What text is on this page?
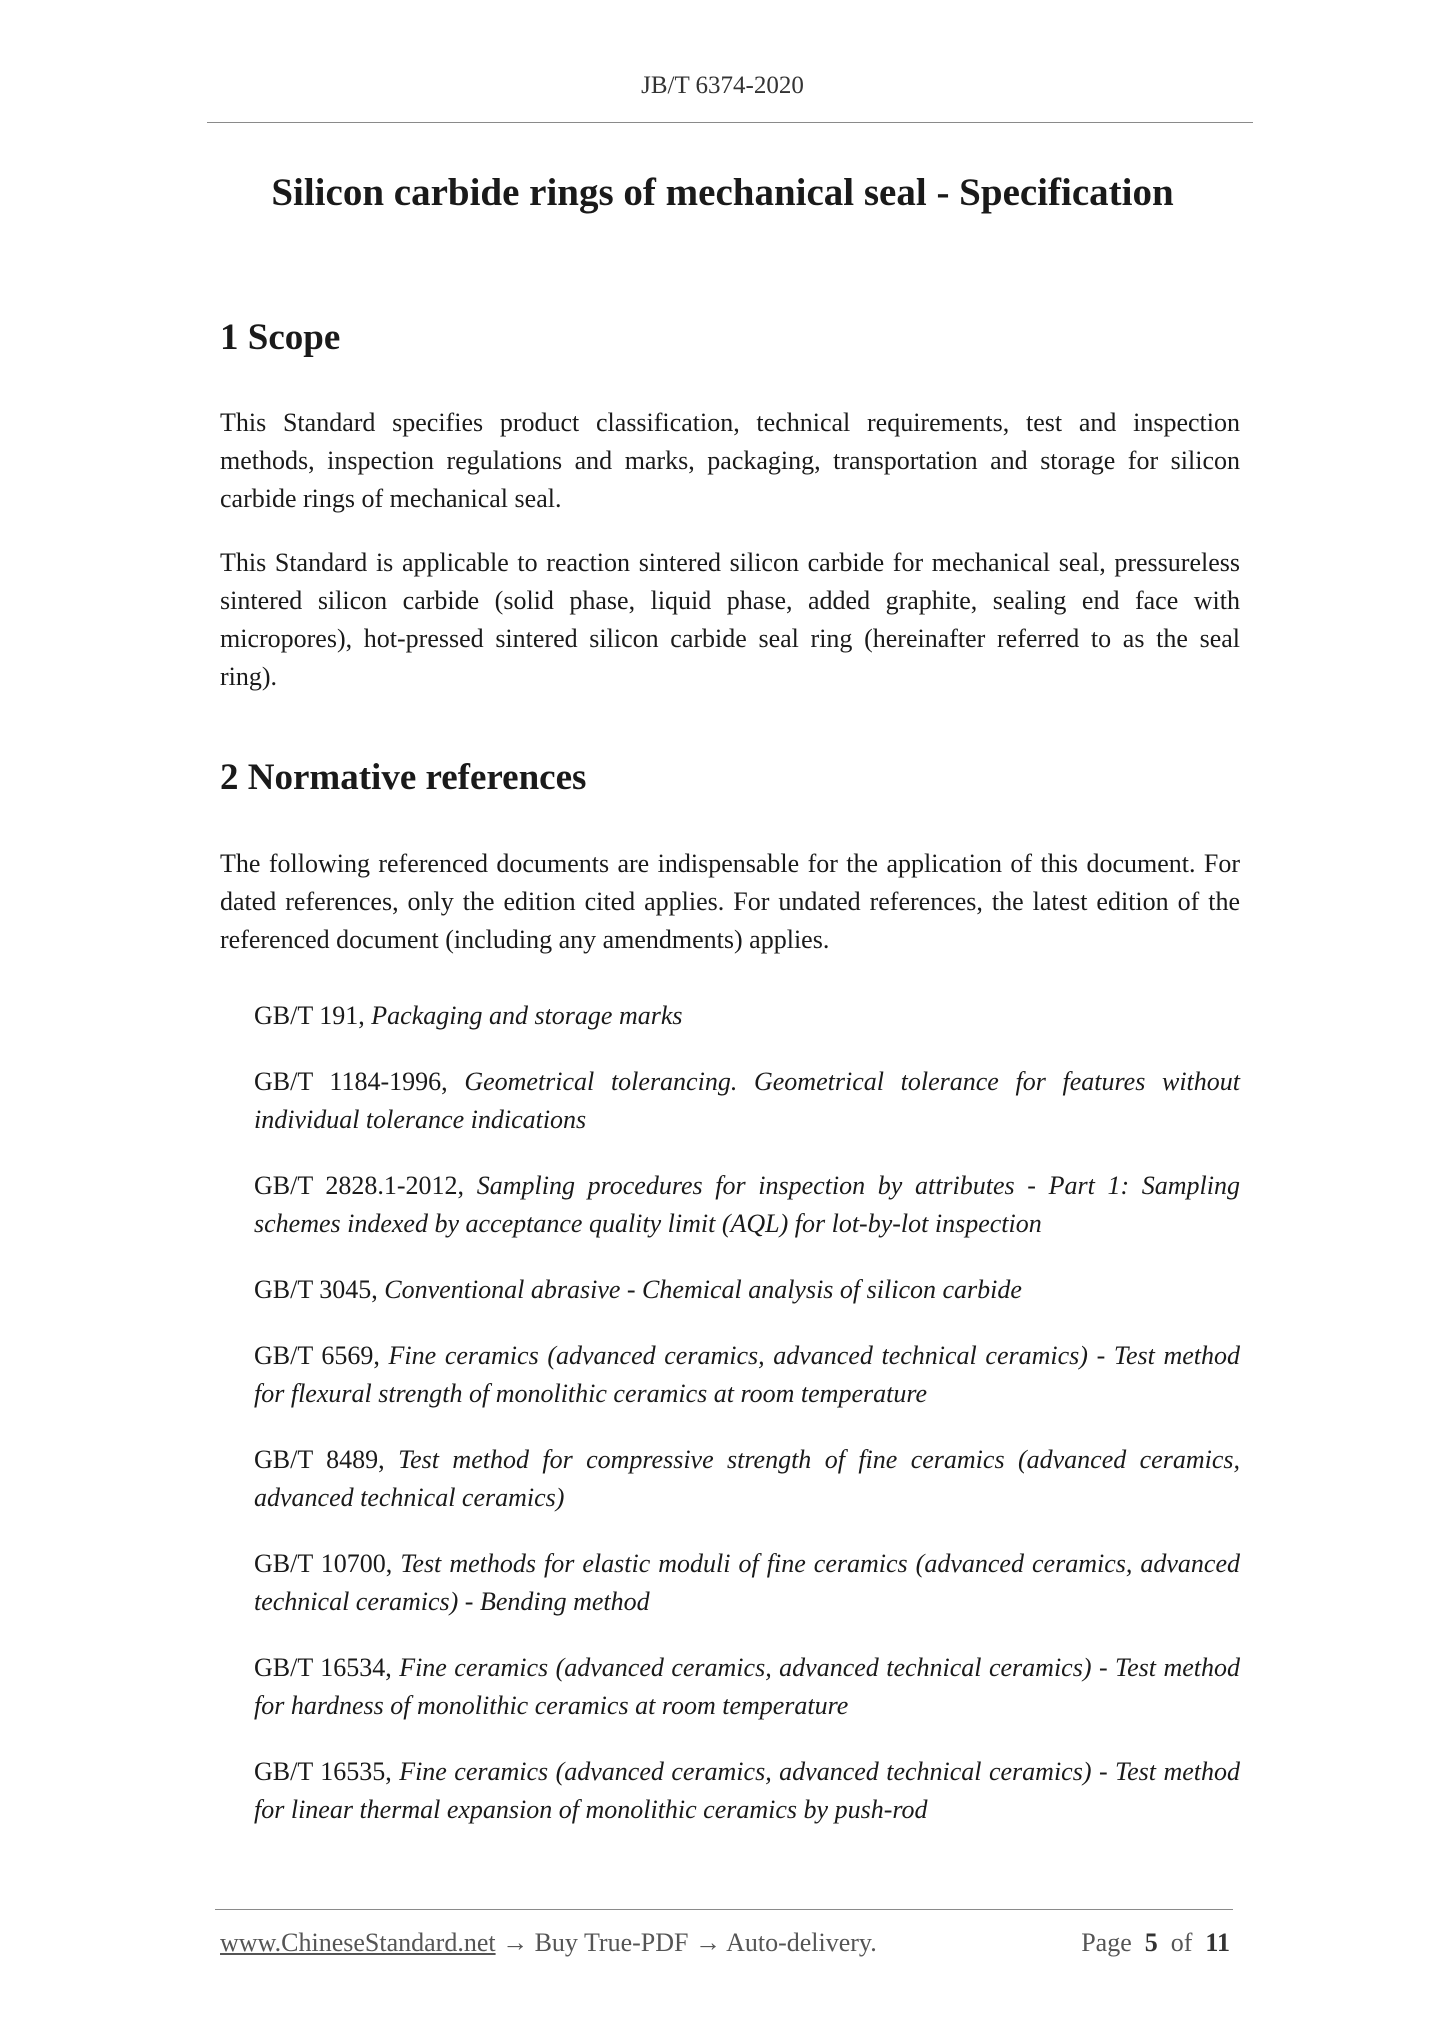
JB/T 6374-2020
Silicon carbide rings of mechanical seal - Specification
1 Scope

This Standard specifies product classification, technical requirements, test and inspection methods, inspection regulations and marks, packaging, transportation and storage for silicon carbide rings of mechanical seal.

This Standard is applicable to reaction sintered silicon carbide for mechanical seal, pressureless sintered silicon carbide (solid phase, liquid phase, added graphite, sealing end face with micropores), hot-pressed sintered silicon carbide seal ring (hereinafter referred to as the seal ring).

2 Normative references

The following referenced documents are indispensable for the application of this document. For dated references, only the edition cited applies. For undated references, the latest edition of the referenced document (including any amendments) applies.

GB/T 191, Packaging and storage marks

GB/T 1184-1996, Geometrical tolerancing. Geometrical tolerance for features without individual tolerance indications

GB/T 2828.1-2012, Sampling procedures for inspection by attributes - Part 1: Sampling schemes indexed by acceptance quality limit (AQL) for lot-by-lot inspection

GB/T 3045, Conventional abrasive - Chemical analysis of silicon carbide

GB/T 6569, Fine ceramics (advanced ceramics, advanced technical ceramics) - Test method for flexural strength of monolithic ceramics at room temperature

GB/T 8489, Test method for compressive strength of fine ceramics (advanced ceramics, advanced technical ceramics)

GB/T 10700, Test methods for elastic moduli of fine ceramics (advanced ceramics, advanced technical ceramics) - Bending method

GB/T 16534, Fine ceramics (advanced ceramics, advanced technical ceramics) - Test method for hardness of monolithic ceramics at room temperature

GB/T 16535, Fine ceramics (advanced ceramics, advanced technical ceramics) - Test method for linear thermal expansion of monolithic ceramics by push-rod

www.ChineseStandard.net → Buy True-PDF → Auto-delivery.	Page 5 of 11
